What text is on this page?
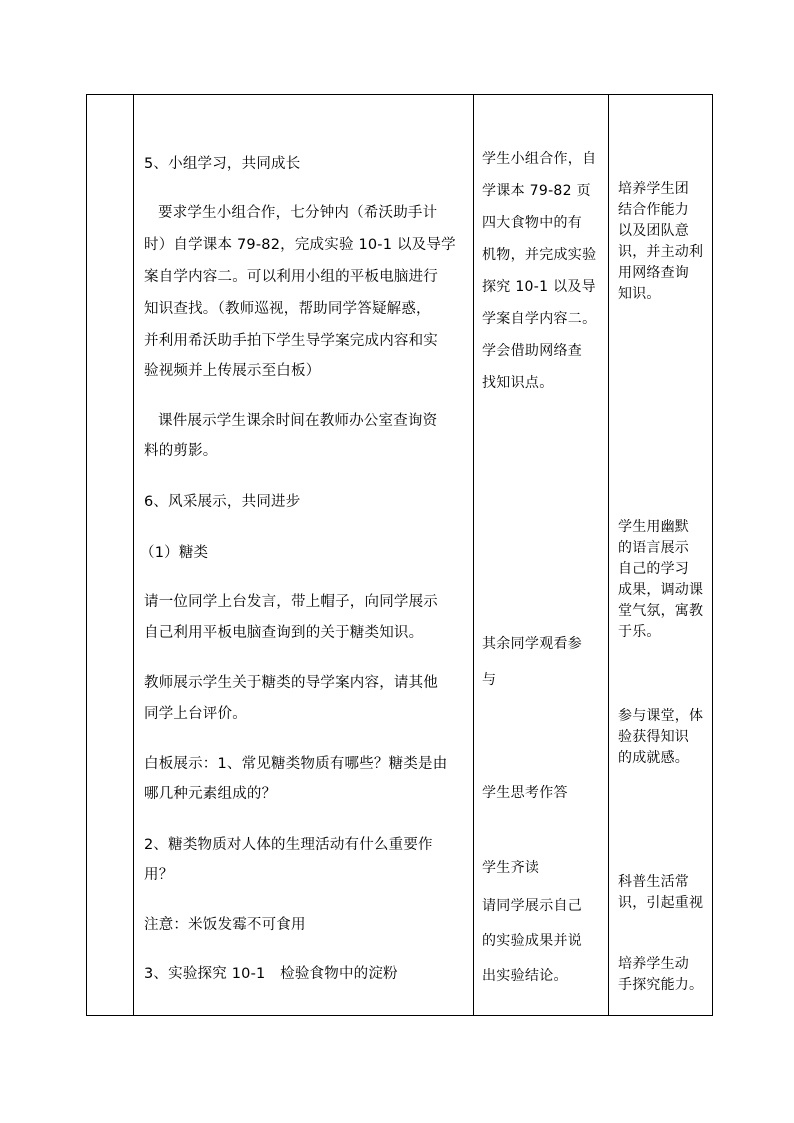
5、小组学习，共同成长

要求学生小组合作，七分钟内（希沃助手计

时）自学课本 79-82，完成实验 10-1 以及导学

案自学内容二。可以利用小组的平板电脑进行

知识查找。（教师巡视，帮助同学答疑解惑，

并利用希沃助手拍下学生导学案完成内容和实

验视频并上传展示至白板）

课件展示学生课余时间在教师办公室查询资

料的剪影。

6、风采展示，共同进步

（1）糖类

请一位同学上台发言，带上帽子，向同学展示

自己利用平板电脑查询到的关于糖类知识。

教师展示学生关于糖类的导学案内容，请其他

同学上台评价。

白板展示：1、常见糖类物质有哪些？糖类是由

哪几种元素组成的？

2、糖类物质对人体的生理活动有什么重要作

用？

注意：米饭发霉不可食用

3、实验探究 10-1　检验食物中的淀粉

学生小组合作，自

学课本 79-82 页

四大食物中的有

机物，并完成实验

探究 10-1 以及导

学案自学内容二。

学会借助网络查

找知识点。

其余同学观看参

与

学生思考作答

学生齐读

请同学展示自己

的实验成果并说

出实验结论。

培养学生团

结合作能力

以及团队意

识，并主动利

用网络查询

知识。

学生用幽默

的语言展示

自己的学习

成果，调动课

堂气氛，寓教

于乐。

参与课堂，体

验获得知识

的成就感。

科普生活常

识，引起重视

培养学生动

手探究能力。
